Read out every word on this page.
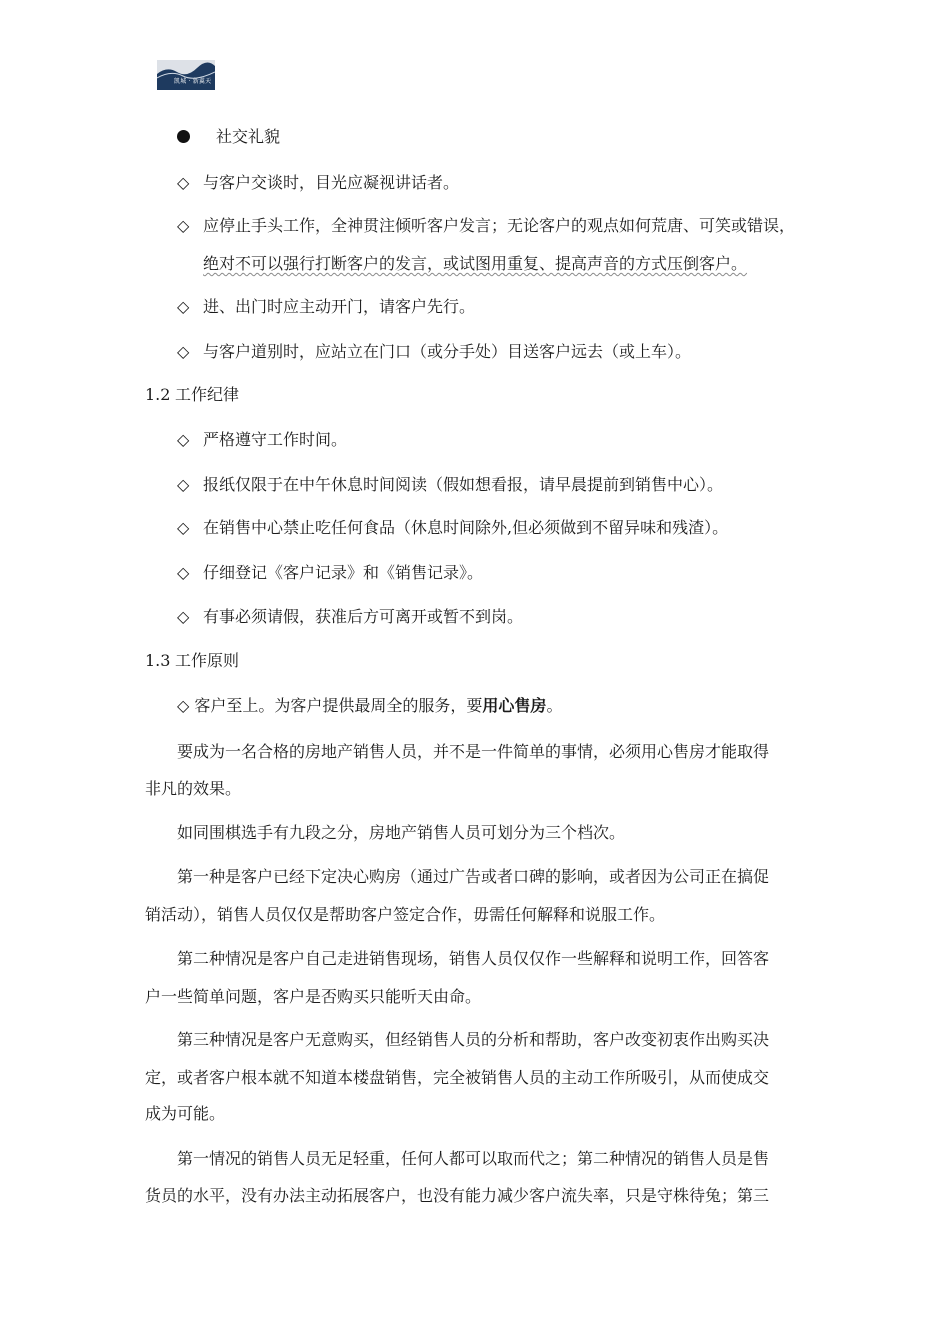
凯城 · 新翼天
社交礼貌
◇ 与客户交谈时，目光应凝视讲话者。
◇ 应停止手头工作，全神贯注倾听客户发言；无论客户的观点如何荒唐、可笑或错误，
绝对不可以强行打断客户的发言，或试图用重复、提高声音的方式压倒客户。
◇ 进、出门时应主动开门，请客户先行。
◇ 与客户道别时，应站立在门口（或分手处）目送客户远去（或上车）。
1.2 工作纪律
◇ 严格遵守工作时间。
◇ 报纸仅限于在中午休息时间阅读（假如想看报，请早晨提前到销售中心）。
◇ 在销售中心禁止吃任何食品（休息时间除外,但必须做到不留异味和残渣）。
◇ 仔细登记《客户记录》和《销售记录》。
◇ 有事必须请假，获准后方可离开或暂不到岗。
1.3 工作原则
◇ 客户至上。为客户提供最周全的服务，要用心售房。
要成为一名合格的房地产销售人员，并不是一件简单的事情，必须用心售房才能取得
非凡的效果。
如同围棋选手有九段之分，房地产销售人员可划分为三个档次。
第一种是客户已经下定决心购房（通过广告或者口碑的影响，或者因为公司正在搞促
销活动），销售人员仅仅是帮助客户签定合作，毋需任何解释和说服工作。
第二种情况是客户自己走进销售现场，销售人员仅仅作一些解释和说明工作，回答客
户一些简单问题，客户是否购买只能听天由命。
第三种情况是客户无意购买，但经销售人员的分析和帮助，客户改变初衷作出购买决
定，或者客户根本就不知道本楼盘销售，完全被销售人员的主动工作所吸引，从而使成交
成为可能。
第一情况的销售人员无足轻重，任何人都可以取而代之；第二种情况的销售人员是售
货员的水平，没有办法主动拓展客户，也没有能力减少客户流失率，只是守株待兔；第三
